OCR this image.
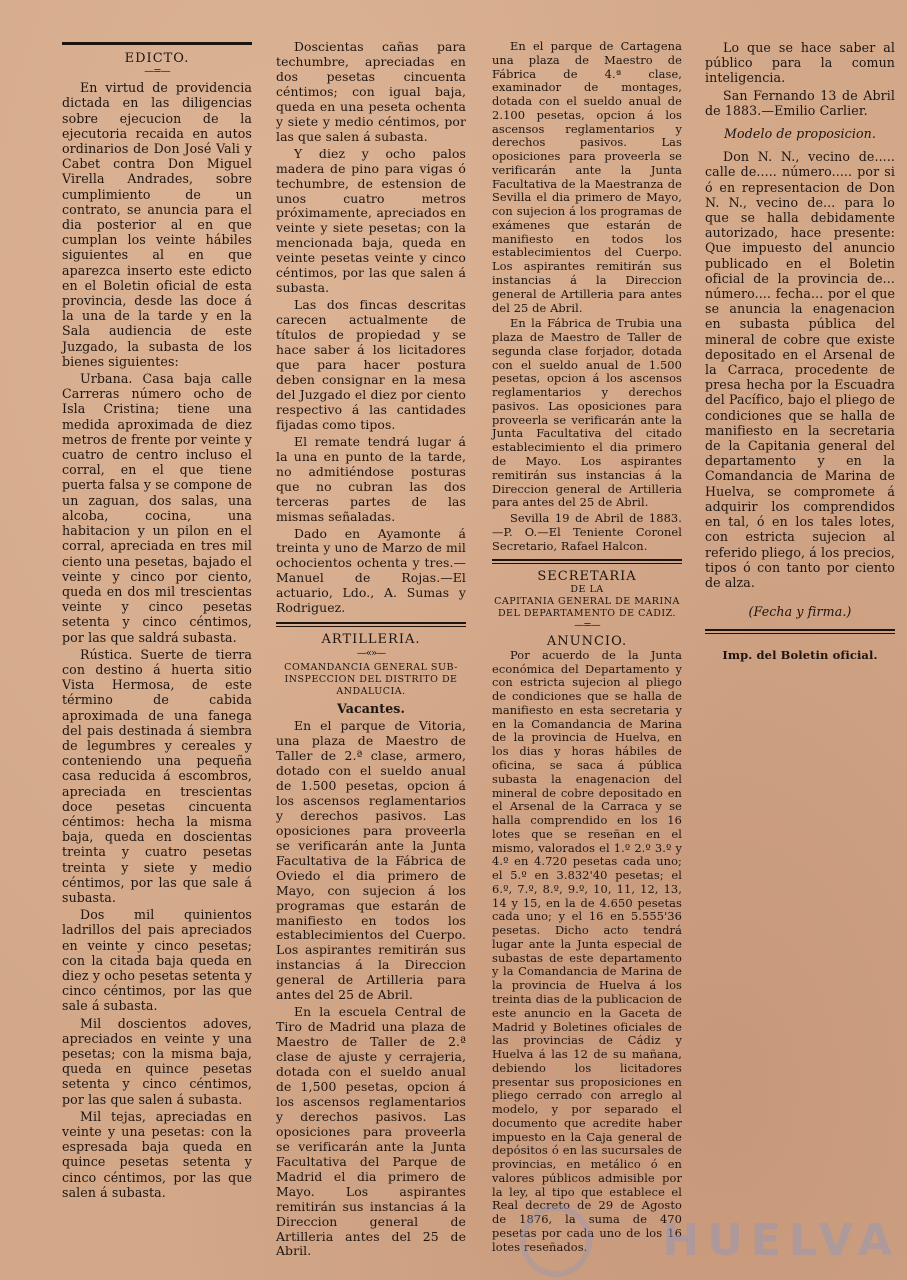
EDICTO.
—=—

En virtud de providencia dictada en las diligencias sobre ejecucion de la ejecutoria recaida en autos ordinarios de Don José Vali y Cabet contra Don Miguel Virella Andrades, sobre cumplimiento de un contrato, se anuncia para el dia posterior al en que cumplan los veinte hábiles siguientes al en que aparezca inserto este edicto en el Boletin oficial de esta provincia, desde las doce á la una de la tarde y en la Sala audiencia de este Juzgado, la subasta de los bienes siguientes:

Urbana. Casa baja calle Carreras número ocho de Isla Cristina; tiene una medida aproximada de diez metros de frente por veinte y cuatro de centro incluso el corral, en el que tiene puerta falsa y se compone de un zaguan, dos salas, una alcoba, cocina, una habitacion y un pilon en el corral, apreciada en tres mil ciento una pesetas, bajado el veinte y cinco por ciento, queda en dos mil trescientas veinte y cinco pesetas setenta y cinco céntimos, por las que saldrá subasta.

Rústica. Suerte de tierra con destino á huerta sitio Vista Hermosa, de este término de cabida aproximada de una fanega del pais destinada á siembra de legumbres y cereales y conteniendo una pequeña casa reducida á escombros, apreciada en trescientas doce pesetas cincuenta céntimos: hecha la misma baja, queda en doscientas treinta y cuatro pesetas treinta y siete y medio céntimos, por las que sale á subasta.

Dos mil quinientos ladrillos del pais apreciados en veinte y cinco pesetas; con la citada baja queda en diez y ocho pesetas setenta y cinco céntimos, por las que sale á subasta.

Mil doscientos adoves, apreciados en veinte y una pesetas; con la misma baja, queda en quince pesetas setenta y cinco céntimos, por las que salen á subasta.

Mil tejas, apreciadas en veinte y una pesetas: con la espresada baja queda en quince pesetas setenta y cinco céntimos, por las que salen á subasta.

Doscientas cañas para techumbre, apreciadas en dos pesetas cincuenta céntimos; con igual baja, queda en una peseta ochenta y siete y medio céntimos, por las que salen á subasta.

Y diez y ocho palos madera de pino para vigas ó techumbre, de estension de unos cuatro metros próximamente, apreciados en veinte y siete pesetas; con la mencionada baja, queda en veinte pesetas veinte y cinco céntimos, por las que salen á subasta.

Las dos fincas descritas carecen actualmente de títulos de propiedad y se hace saber á los licitadores que para hacer postura deben consignar en la mesa del Juzgado el diez por ciento respectivo á las cantidades fijadas como tipos.

El remate tendrá lugar á la una en punto de la tarde, no admitiéndose posturas que no cubran las dos terceras partes de las mismas señaladas.

Dado en Ayamonte á treinta y uno de Marzo de mil ochocientos ochenta y tres.—Manuel de Rojas.—El actuario, Ldo., A. Sumas y Rodriguez.

ARTILLERIA.
—«»—
COMANDANCIA GENERAL SUB-INSPECCION DEL DISTRITO DE ANDALUCIA.
Vacantes.

En el parque de Vitoria, una plaza de Maestro de Taller de 2.ª clase, armero, dotado con el sueldo anual de 1.500 pesetas, opcion á los ascensos reglamentarios y derechos pasivos. Las oposiciones para proveerla se verificarán ante la Junta Facultativa de la Fábrica de Oviedo el dia primero de Mayo, con sujecion á los programas que estarán de manifiesto en todos los establecimientos del Cuerpo. Los aspirantes remitirán sus instancias á la Direccion general de Artilleria para antes del 25 de Abril.

En la escuela Central de Tiro de Madrid una plaza de Maestro de Taller de 2.ª clase de ajuste y cerrajeria, dotada con el sueldo anual de 1,500 pesetas, opcion á los ascensos reglamentarios y derechos pasivos. Las oposiciones para proveerla se verificarán ante la Junta Facultativa del Parque de Madrid el dia primero de Mayo. Los aspirantes remitirán sus instancias á la Direccion general de Artilleria antes del 25 de Abril.

En el parque de Cartagena una plaza de Maestro de Fábrica de 4.ª clase, examinador de montages, dotada con el sueldo anual de 2.100 pesetas, opcion á los ascensos reglamentarios y derechos pasivos. Las oposiciones para proveerla se verificarán ante la Junta Facultativa de la Maestranza de Sevilla el dia primero de Mayo, con sujecion á los programas de exámenes que estarán de manifiesto en todos los establecimientos del Cuerpo. Los aspirantes remitirán sus instancias á la Direccion general de Artilleria para antes del 25 de Abril.

En la Fábrica de Trubia una plaza de Maestro de Taller de segunda clase forjador, dotada con el sueldo anual de 1.500 pesetas, opcion á los ascensos reglamentarios y derechos pasivos. Las oposiciones para proveerla se verificarán ante la Junta Facultativa del citado establecimiento el dia primero de Mayo. Los aspirantes remitirán sus instancias á la Direccion general de Artilleria para antes del 25 de Abril.

Sevilla 19 de Abril de 1883.—P. O.—El Teniente Coronel Secretario, Rafael Halcon.

SECRETARIA
DE LA
CAPITANIA GENERAL DE MARINA
DEL DEPARTAMENTO DE CADIZ.
—=—
ANUNCIO.

Por acuerdo de la Junta económica del Departamento y con estricta sujecion al pliego de condiciones que se halla de manifiesto en esta secretaria y en la Comandancia de Marina de la provincia de Huelva, en los dias y horas hábiles de oficina, se saca á pública subasta la enagenacion del mineral de cobre depositado en el Arsenal de la Carraca y se halla comprendido en los 16 lotes que se reseñan en el mismo, valorados el 1.º 2.º 3.º y 4.º en 4.720 pesetas cada uno; el 5.º en 3.832'40 pesetas; el 6.º, 7.º, 8.º, 9.º, 10, 11, 12, 13, 14 y 15, en la de 4.650 pesetas cada uno; y el 16 en 5.555'36 pesetas. Dicho acto tendrá lugar ante la Junta especial de subastas de este departamento y la Comandancia de Marina de la provincia de Huelva á los treinta dias de la publicacion de este anuncio en la Gaceta de Madrid y Boletines oficiales de las provincias de Cádiz y Huelva á las 12 de su mañana, debiendo los licitadores presentar sus proposiciones en pliego cerrado con arreglo al modelo, y por separado el documento que acredite haber impuesto en la Caja general de depósitos ó en las sucursales de provincias, en metálico ó en valores públicos admisible por la ley, al tipo que establece el Real decreto de 29 de Agosto de 1876, la suma de 470 pesetas por cada uno de los 16 lotes reseñados.

Lo que se hace saber al público para la comun inteligencia.

San Fernando 13 de Abril de 1883.—Emilio Carlier.

Modelo de proposicion.

Don N. N., vecino de..... calle de..... número..... por si ó en representacion de Don N. N., vecino de... para lo que se halla debidamente autorizado, hace presente: Que impuesto del anuncio publicado en el Boletin oficial de la provincia de... número.... fecha... por el que se anuncia la enagenacion en subasta pública del mineral de cobre que existe depositado en el Arsenal de la Carraca, procedente de presa hecha por la Escuadra del Pacífico, bajo el pliego de condiciones que se halla de manifiesto en la secretaria de la Capitania general del departamento y en la Comandancia de Marina de Huelva, se compromete á adquirir los comprendidos en tal, ó en los tales lotes, con estricta sujecion al referido pliego, á los precios, tipos ó con tanto por ciento de alza.

(Fecha y firma.)
Imp. del Boletin oficial.
HUELVA
